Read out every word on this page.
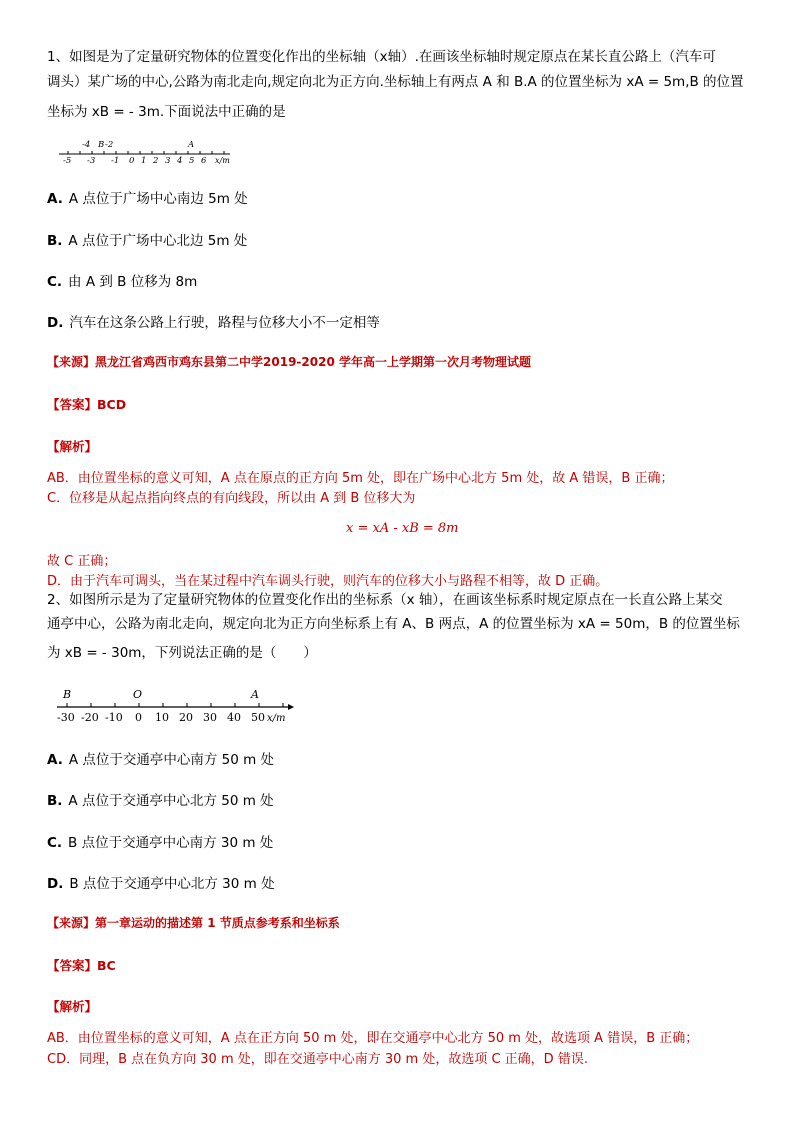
1、如图是为了定量研究物体的位置变化作出的坐标轴（x轴）.在画该坐标轴时规定原点在某长直公路上（汽车可
调头）某广场的中心,公路为南北走向,规定向北为正方向.坐标轴上有两点 A 和 B.A 的位置坐标为 xA = 5m,B 的位置
坐标为 xB = - 3m.下面说法中正确的是
-4 B -2	A
-5 -3 -1 0 1 2 3 4 5 6 x/m
A. A 点位于广场中心南边 5m 处
B. A 点位于广场中心北边 5m 处
C. 由 A 到 B 位移为 8m
D. 汽车在这条公路上行驶，路程与位移大小不一定相等
【来源】黑龙江省鸡西市鸡东县第二中学2019-2020 学年高一上学期第一次月考物理试题
【答案】BCD
【解析】
AB．由位置坐标的意义可知，A 点在原点的正方向 5m 处，即在广场中心北方 5m 处，故 A 错误，B 正确；
C．位移是从起点指向终点的有向线段，所以由 A 到 B 位移大为
x = xA - xB = 8m
故 C 正确；
D．由于汽车可调头，当在某过程中汽车调头行驶，则汽车的位移大小与路程不相等，故 D 正确。
2、如图所示是为了定量研究物体的位置变化作出的坐标系（x 轴），在画该坐标系时规定原点在一长直公路上某交
通亭中心，公路为南北走向，规定向北为正方向坐标系上有 A、B 两点，A 的位置坐标为 xA = 50m，B 的位置坐标
为 xB = - 30m，下列说法正确的是（　　）
B	O	A
-30 -20 -10 0 10 20 30 40 50 x/m
A. A 点位于交通亭中心南方 50 m 处
B. A 点位于交通亭中心北方 50 m 处
C. B 点位于交通亭中心南方 30 m 处
D. B 点位于交通亭中心北方 30 m 处
【来源】第一章运动的描述第 1 节质点参考系和坐标系
【答案】BC
【解析】
AB．由位置坐标的意义可知，A 点在正方向 50 m 处，即在交通亭中心北方 50 m 处，故选项 A 错误，B 正确；
CD．同理，B 点在负方向 30 m 处，即在交通亭中心南方 30 m 处，故选项 C 正确，D 错误.
